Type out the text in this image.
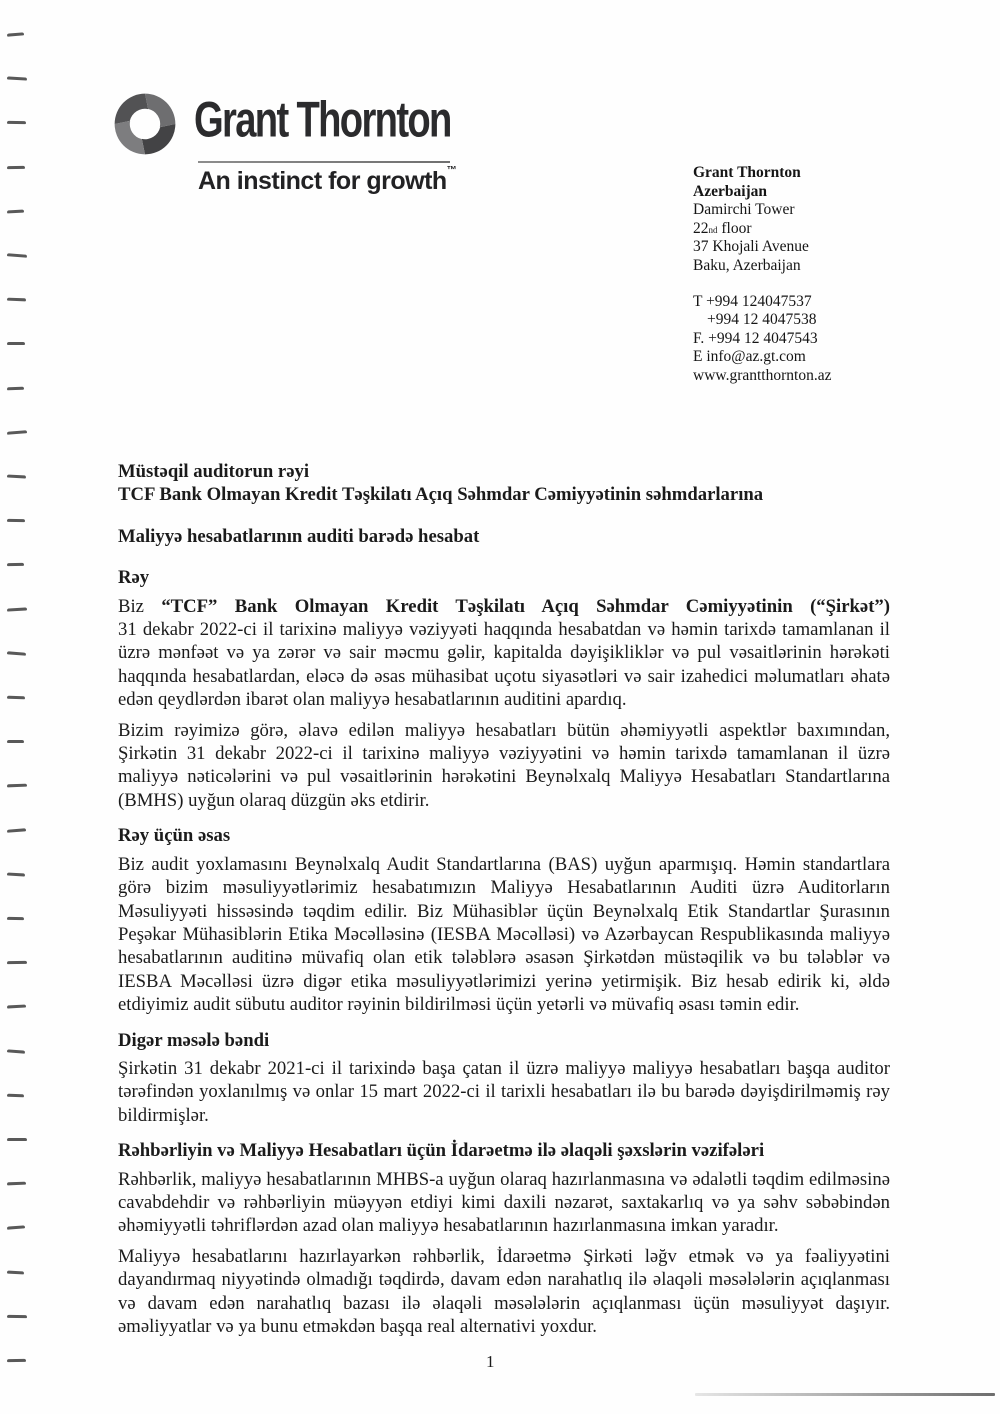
Grant Thornton
An instinct for growth™	Grant Thornton
Azerbaijan
Damirchi Tower
22nd floor
37 Khojali Avenue
Baku, Azerbaijan
T +994 124047537
+994 12 4047538
F. +994 12 4047543
E info@az.gt.com
www.grantthornton.az
Müstəqil auditorun rəyi
TCF Bank Olmayan Kredit Təşkilatı Açıq Səhmdar Cəmiyyətinin səhmdarlarına
Maliyyə hesabatlarının auditi barədə hesabat
Rəy

Biz “TCF” Bank Olmayan Kredit Təşkilatı Açıq Səhmdar Cəmiyyətinin (“Şirkət”)
31 dekabr 2022-ci il tarixinə maliyyə vəziyyəti haqqında hesabatdan və həmin tarixdə tamamlanan il üzrə mənfəət və ya zərər və sair məcmu gəlir, kapitalda dəyişikliklər və pul vəsaitlərinin hərəkəti haqqında hesabatlardan, eləcə də əsas mühasibat uçotu siyasətləri və sair izahedici məlumatları əhatə edən qeydlərdən ibarət olan maliyyə hesabatlarının auditini apardıq.

Bizim rəyimizə görə, əlavə edilən maliyyə hesabatları bütün əhəmiyyətli aspektlər baxımından, Şirkətin 31 dekabr 2022-ci il tarixinə maliyyə vəziyyətini və həmin tarixdə tamamlanan il üzrə maliyyə nəticələrini və pul vəsaitlərinin hərəkətini Beynəlxalq Maliyyə Hesabatları Standartlarına (BMHS) uyğun olaraq düzgün əks etdirir.

Rəy üçün əsas

Biz audit yoxlamasını Beynəlxalq Audit Standartlarına (BAS) uyğun aparmışıq. Həmin standartlara görə bizim məsuliyyətlərimiz hesabatımızın Maliyyə Hesabatlarının Auditi üzrə Auditorların Məsuliyyəti hissəsində təqdim edilir. Biz Mühasiblər üçün Beynəlxalq Etik Standartlar Şurasının Peşəkar Mühasiblərin Etika Məcəlləsinə (IESBA Məcəlləsi) və Azərbaycan Respublikasında maliyyə hesabatlarının auditinə müvafiq olan etik tələblərə əsasən Şirkətdən müstəqilik və bu tələblər və IESBA Məcəlləsi üzrə digər etika məsuliyyətlərimizi yerinə yetirmişik. Biz hesab edirik ki, əldə etdiyimiz audit sübutu auditor rəyinin bildirilməsi üçün yetərli və müvafiq əsası təmin edir.

Digər məsələ bəndi

Şirkətin 31 dekabr 2021-ci il tarixində başa çatan il üzrə maliyyə maliyyə hesabatları başqa auditor tərəfindən yoxlanılmış və onlar 15 mart 2022-ci il tarixli hesabatları ilə bu barədə dəyişdirilməmiş rəy bildirmişlər.

Rəhbərliyin və Maliyyə Hesabatları üçün İdarəetmə ilə əlaqəli şəxslərin vəzifələri

Rəhbərlik, maliyyə hesabatlarının MHBS-a uyğun olaraq hazırlanmasına və ədalətli təqdim edilməsinə cavabdehdir və rəhbərliyin müəyyən etdiyi kimi daxili nəzarət, saxtakarlıq və ya səhv səbəbindən əhəmiyyətli təhriflərdən azad olan maliyyə hesabatlarının hazırlanmasına imkan yaradır.

Maliyyə hesabatlarını hazırlayarkən rəhbərlik, İdarəetmə Şirkəti ləğv etmək və ya fəaliyyətini dayandırmaq niyyətində olmadığı təqdirdə, davam edən narahatlıq ilə əlaqəli məsələlərin açıqlanması və davam edən narahatlıq bazası ilə əlaqəli məsələlərin açıqlanması üçün məsuliyyət daşıyır. əməliyyatlar və ya bunu etməkdən başqa real alternativi yoxdur.

1
